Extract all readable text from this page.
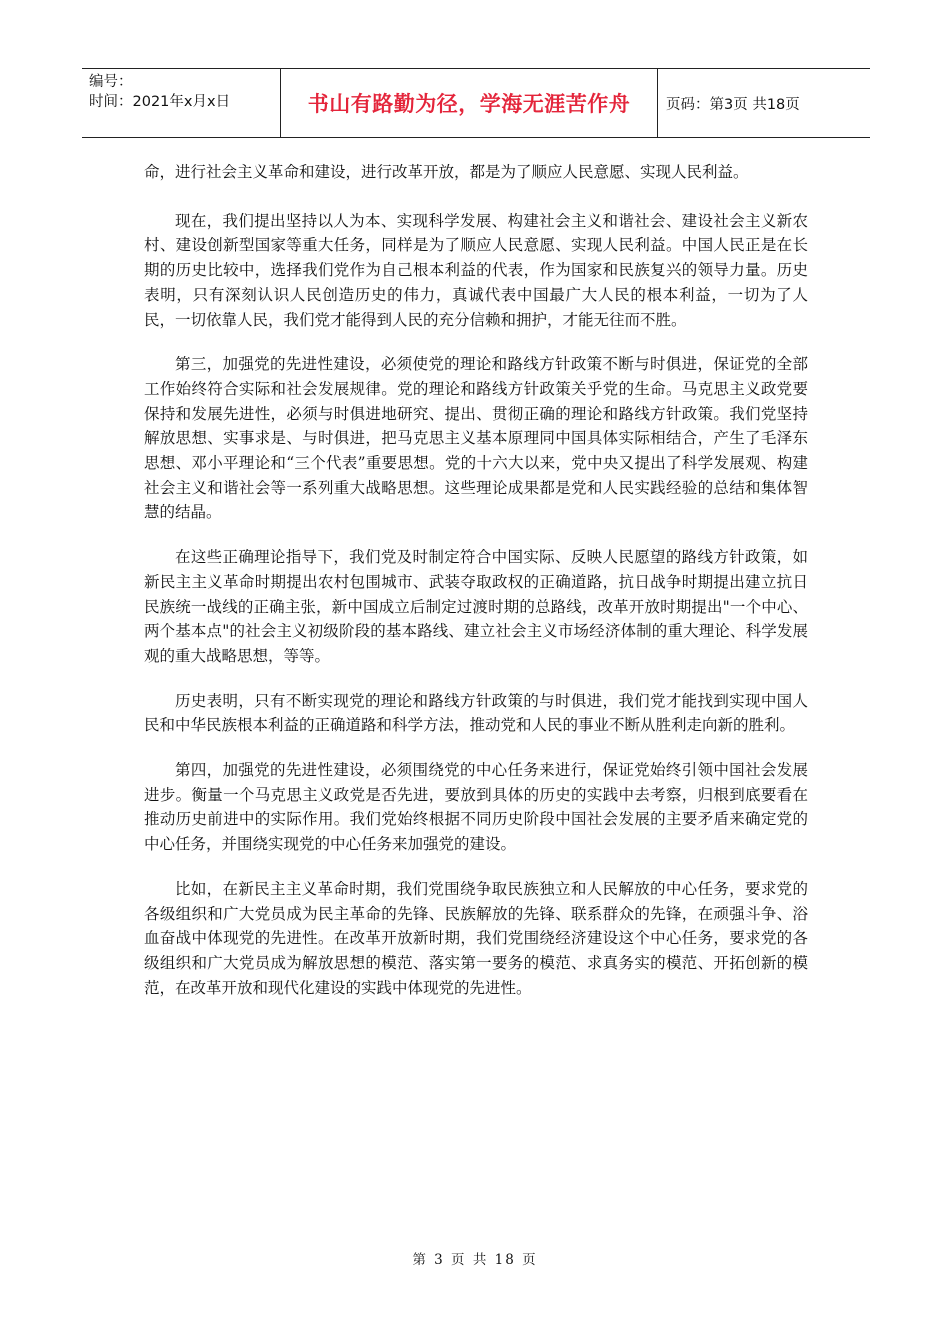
编号：
时间：2021年x月x日	书山有路勤为径，学海无涯苦作舟	页码：第3页 共18页

命，进行社会主义革命和建设，进行改革开放，都是为了顺应人民意愿、实现人民利益。

现在，我们提出坚持以人为本、实现科学发展、构建社会主义和谐社会、建设社会主义新农村、建设创新型国家等重大任务，同样是为了顺应人民意愿、实现人民利益。中国人民正是在长期的历史比较中，选择我们党作为自己根本利益的代表，作为国家和民族复兴的领导力量。历史表明，只有深刻认识人民创造历史的伟力，真诚代表中国最广大人民的根本利益，一切为了人民，一切依靠人民，我们党才能得到人民的充分信赖和拥护，才能无往而不胜。

第三，加强党的先进性建设，必须使党的理论和路线方针政策不断与时俱进，保证党的全部工作始终符合实际和社会发展规律。党的理论和路线方针政策关乎党的生命。马克思主义政党要保持和发展先进性，必须与时俱进地研究、提出、贯彻正确的理论和路线方针政策。我们党坚持解放思想、实事求是、与时俱进，把马克思主义基本原理同中国具体实际相结合，产生了毛泽东思想、邓小平理论和“三个代表”重要思想。党的十六大以来，党中央又提出了科学发展观、构建社会主义和谐社会等一系列重大战略思想。这些理论成果都是党和人民实践经验的总结和集体智慧的结晶。

在这些正确理论指导下，我们党及时制定符合中国实际、反映人民愿望的路线方针政策，如新民主主义革命时期提出农村包围城市、武装夺取政权的正确道路，抗日战争时期提出建立抗日民族统一战线的正确主张，新中国成立后制定过渡时期的总路线，改革开放时期提出"一个中心、两个基本点"的社会主义初级阶段的基本路线、建立社会主义市场经济体制的重大理论、科学发展观的重大战略思想，等等。

历史表明，只有不断实现党的理论和路线方针政策的与时俱进，我们党才能找到实现中国人民和中华民族根本利益的正确道路和科学方法，推动党和人民的事业不断从胜利走向新的胜利。

第四，加强党的先进性建设，必须围绕党的中心任务来进行，保证党始终引领中国社会发展进步。衡量一个马克思主义政党是否先进，要放到具体的历史的实践中去考察，归根到底要看在推动历史前进中的实际作用。我们党始终根据不同历史阶段中国社会发展的主要矛盾来确定党的中心任务，并围绕实现党的中心任务来加强党的建设。

比如，在新民主主义革命时期，我们党围绕争取民族独立和人民解放的中心任务，要求党的各级组织和广大党员成为民主革命的先锋、民族解放的先锋、联系群众的先锋，在顽强斗争、浴血奋战中体现党的先进性。在改革开放新时期，我们党围绕经济建设这个中心任务，要求党的各级组织和广大党员成为解放思想的模范、落实第一要务的模范、求真务实的模范、开拓创新的模范，在改革开放和现代化建设的实践中体现党的先进性。

第 3 页 共 18 页
